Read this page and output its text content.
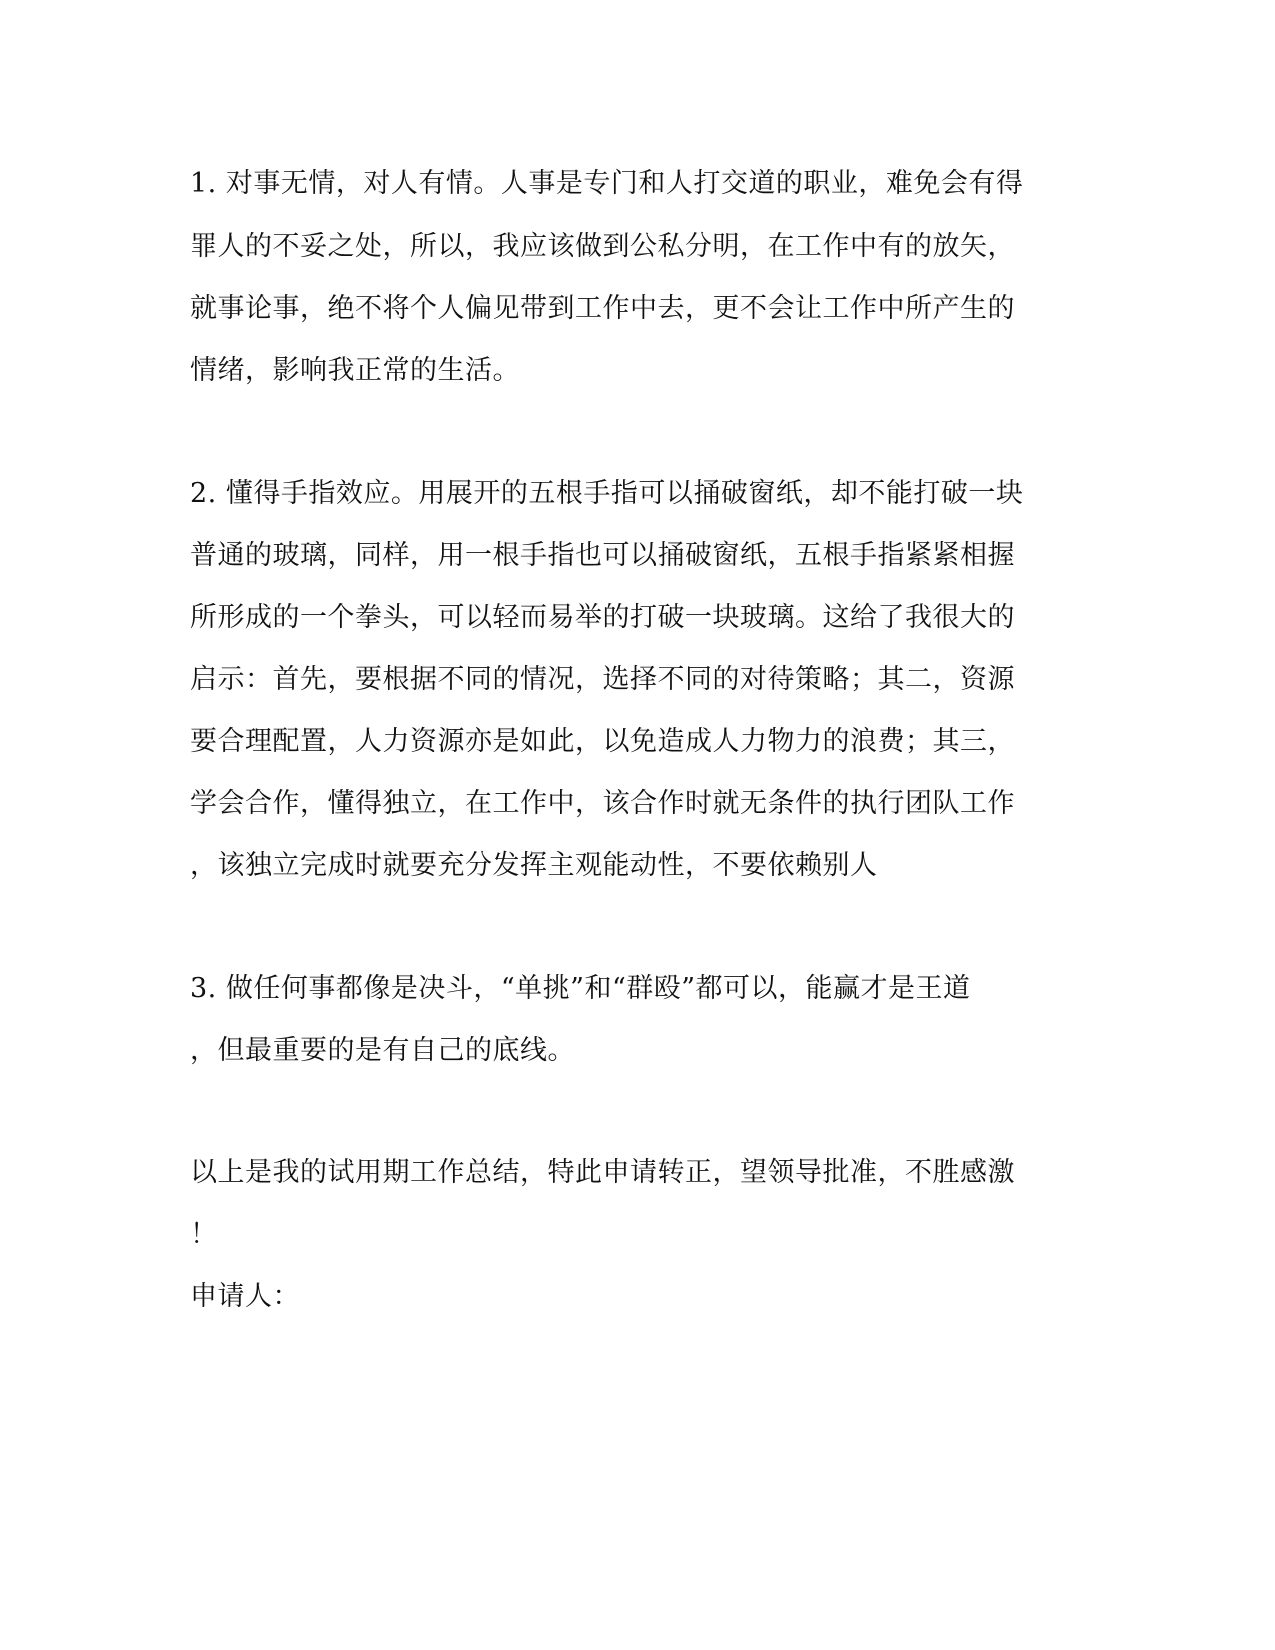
1. 对事无情，对人有情。人事是专门和人打交道的职业，难免会有得
罪人的不妥之处，所以，我应该做到公私分明，在工作中有的放矢，
就事论事，绝不将个人偏见带到工作中去，更不会让工作中所产生的
情绪，影响我正常的生活。
2. 懂得手指效应。用展开的五根手指可以捅破窗纸，却不能打破一块
普通的玻璃，同样，用一根手指也可以捅破窗纸，五根手指紧紧相握
所形成的一个拳头，可以轻而易举的打破一块玻璃。这给了我很大的
启示：首先，要根据不同的情况，选择不同的对待策略；其二，资源
要合理配置，人力资源亦是如此，以免造成人力物力的浪费；其三，
学会合作，懂得独立，在工作中，该合作时就无条件的执行团队工作
，该独立完成时就要充分发挥主观能动性，不要依赖别人
3. 做任何事都像是决斗，“单挑”和“群殴”都可以，能赢才是王道
，但最重要的是有自己的底线。
以上是我的试用期工作总结，特此申请转正，望领导批准，不胜感激
！
申请人：
